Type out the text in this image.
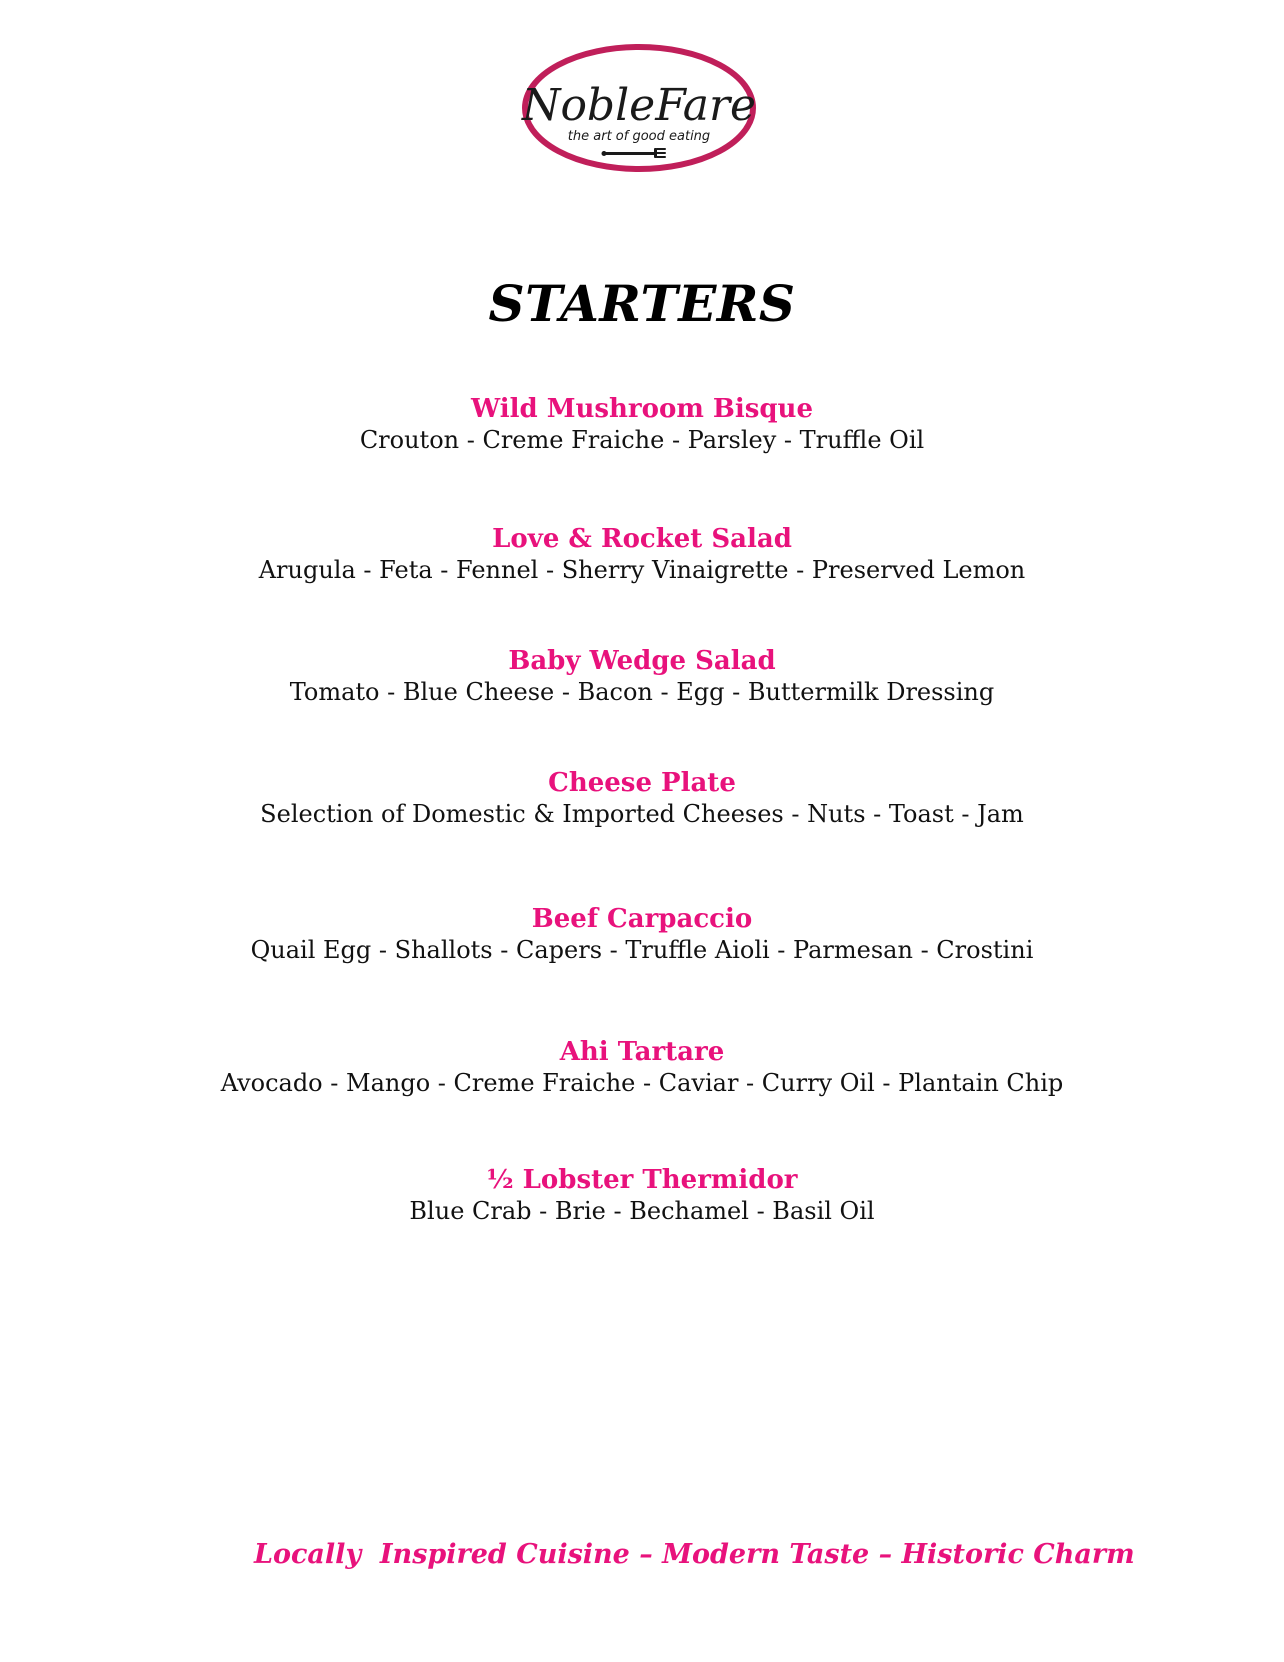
NobleFare
the art of good eating
STARTERS
Wild Mushroom Bisque
Crouton - Creme Fraiche - Parsley - Truffle Oil
Love & Rocket Salad
Arugula - Feta - Fennel - Sherry Vinaigrette - Preserved Lemon
Baby Wedge Salad
Tomato - Blue Cheese - Bacon - Egg - Buttermilk Dressing
Cheese Plate
Selection of Domestic & Imported Cheeses - Nuts - Toast - Jam
Beef Carpaccio
Quail Egg - Shallots - Capers - Truffle Aioli - Parmesan - Crostini
Ahi Tartare
Avocado - Mango - Creme Fraiche - Caviar - Curry Oil - Plantain Chip
½ Lobster Thermidor
Blue Crab - Brie - Bechamel - Basil Oil
Locally  Inspired Cuisine – Modern Taste – Historic Charm
